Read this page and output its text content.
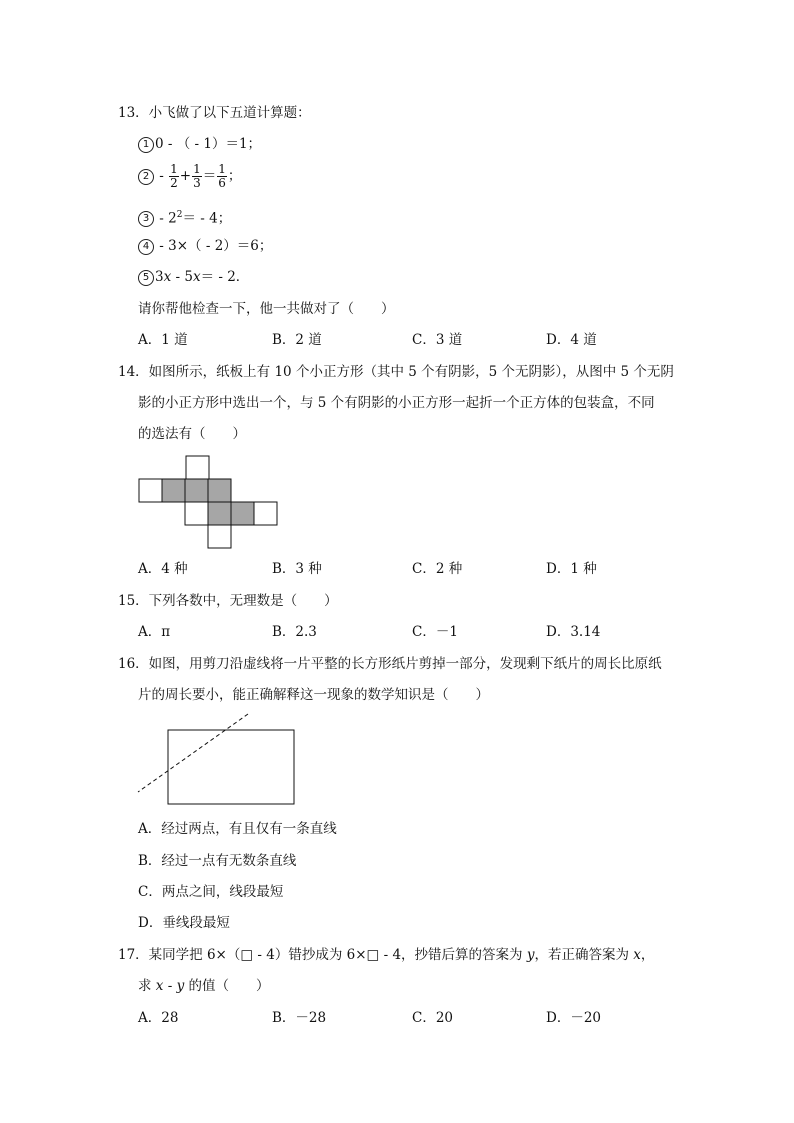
13．小飞做了以下五道计算题：
1 0 - （ - 1）＝1；
$2 - \frac{1}{2} + \frac{1}{3} = \frac{1}{6}$ ；
$3 - 2^2= - 4$；
4 - 3×（ - 2）＝6；
5 3x - 5x＝ - 2．
请你帮他检查一下，他一共做对了（　　）
A．1 道	B．2 道	C．3 道	D．4 道
14．如图所示，纸板上有 10 个小正方形（其中 5 个有阴影，5 个无阴影），从图中 5 个无阴
影的小正方形中选出一个，与 5 个有阴影的小正方形一起折一个正方体的包装盒，不同
的选法有（　　）
A．4 种	B．3 种	C．2 种	D．1 种
15．下列各数中，无理数是（　　）
A．π	B．2.3	C．－1	D．3.14
16．如图，用剪刀沿虚线将一片平整的长方形纸片剪掉一部分，发现剩下纸片的周长比原纸
片的周长要小，能正确解释这一现象的数学知识是（　　）
A．经过两点，有且仅有一条直线
B．经过一点有无数条直线
C．两点之间，线段最短
D．垂线段最短
17．某同学把 6×（□ - 4）错抄成为 6×□ - 4，抄错后算的答案为 y，若正确答案为 x，
求 x - y 的值（　　）
A．28	B．－28	C．20	D．－20
